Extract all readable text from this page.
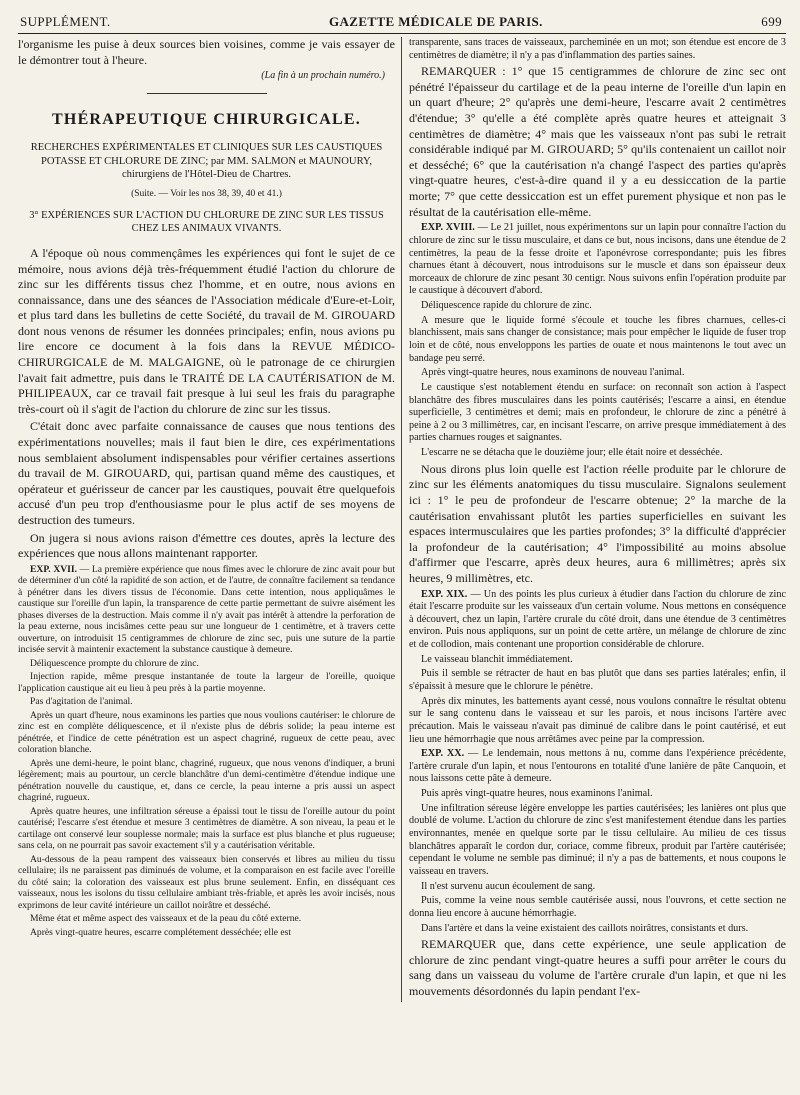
SUPPLÉMENT.	GAZETTE MÉDICALE DE PARIS.	699

l'organisme les puise à deux sources bien voisines, comme je vais essayer de le démontrer tout à l'heure.

(La fin à un prochain numéro.)
THÉRAPEUTIQUE CHIRURGICALE.
RECHERCHES EXPÉRIMENTALES ET CLINIQUES SUR LES CAUSTIQUES POTASSE ET CHLORURE DE ZINC; par MM. SALMON et MAUNOURY, chirurgiens de l'Hôtel-Dieu de Chartres.
(Suite. — Voir les nos 38, 39, 40 et 41.)
3° EXPÉRIENCES SUR L'ACTION DU CHLORURE DE ZINC SUR LES TISSUS CHEZ LES ANIMAUX VIVANTS.

A l'époque où nous commençâmes les expériences qui font le sujet de ce mémoire, nous avions déjà très-fréquemment étudié l'action du chlorure de zinc sur les différents tissus chez l'homme, et en outre, nous avions en connaissance, dans une des séances de l'Association médicale d'Eure-et-Loir, et plus tard dans les bulletins de cette Société, du travail de M. GIROUARD dont nous venons de résumer les données principales; enfin, nous avions pu lire encore ce document à la fois dans la REVUE MÉDICO-CHIRURGICALE de M. MALGAIGNE, où le patronage de ce chirurgien l'avait fait admettre, puis dans le TRAITÉ DE LA CAUTÉRISATION de M. PHILIPEAUX, car ce travail fait presque à lui seul les frais du paragraphe très-court où il s'agit de l'action du chlorure de zinc sur les tissus.

C'était donc avec parfaite connaissance de causes que nous tentions des expérimentations nouvelles; mais il faut bien le dire, ces expérimentations nous semblaient absolument indispensables pour vérifier certaines assertions du travail de M. GIROUARD, qui, partisan quand même des caustiques, et opérateur et guérisseur de cancer par les caustiques, pouvait être quelquefois accusé d'un peu trop d'enthousiasme pour le plus actif de ses moyens de destruction des tumeurs.

On jugera si nous avions raison d'émettre ces doutes, après la lecture des expériences que nous allons maintenant rapporter.

EXP. XVII. — La première expérience que nous fîmes avec le chlorure de zinc avait pour but de déterminer d'un côté la rapidité de son action, et de l'autre, de connaître facilement sa tendance à pénétrer dans les divers tissus de l'économie. Dans cette intention, nous appliquâmes le caustique sur l'oreille d'un lapin, la transparence de cette partie permettant de suivre aisément les phases diverses de la destruction. Mais comme il n'y avait pas intérêt à attendre la perforation de la peau externe, nous incisâmes cette peau sur une longueur de 1 centimètre, et à travers cette ouverture, on introduisit 15 centigrammes de chlorure de zinc sec, puis une suture de la partie incisée servit à maintenir exactement la substance caustique à demeure.

Déliquescence prompte du chlorure de zinc.

Injection rapide, même presque instantanée de toute la largeur de l'oreille, quoique l'application caustique ait eu lieu à peu près à la partie moyenne.

Pas d'agitation de l'animal.

Après un quart d'heure, nous examinons les parties que nous voulions cautériser: le chlorure de zinc est en complète déliquescence, et il n'existe plus de débris solide; la peau interne est pénétrée, et l'indice de cette pénétration est un aspect chagriné, rugueux de cette peau, avec coloration blanche.

Après une demi-heure, le point blanc, chagriné, rugueux, que nous venons d'indiquer, a bruni légèrement; mais au pourtour, un cercle blanchâtre d'un demi-centimètre d'étendue indique une pénétration nouvelle du caustique, et, dans ce cercle, la peau interne a pris aussi un aspect chagriné, rugueux.

Après quatre heures, une infiltration séreuse a épaissi tout le tissu de l'oreille autour du point cautérisé; l'escarre s'est étendue et mesure 3 centimètres de diamètre. A son niveau, la peau et le cartilage ont conservé leur souplesse normale; mais la surface est plus blanche et plus rugueuse; sans cela, on ne pourrait pas savoir exactement s'il y a cautérisation véritable.

Au-dessous de la peau rampent des vaisseaux bien conservés et libres au milieu du tissu cellulaire; ils ne paraissent pas diminués de volume, et la comparaison en est facile avec l'oreille du côté sain; la coloration des vaisseaux est plus brune seulement. Enfin, en disséquant ces vaisseaux, nous les isolons du tissu cellulaire ambiant très-friable, et après les avoir incisés, nous exprimons de leur cavité intérieure un caillot noirâtre et desséché.

Même état et même aspect des vaisseaux et de la peau du côté externe.

Après vingt-quatre heures, escarre complétement desséchée; elle est

transparente, sans traces de vaisseaux, parcheminée en un mot; son étendue est encore de 3 centimètres de diamètre; il n'y a pas d'inflammation des parties saines.

REMARQUER : 1° que 15 centigrammes de chlorure de zinc sec ont pénétré l'épaisseur du cartilage et de la peau interne de l'oreille d'un lapin en un quart d'heure; 2° qu'après une demi-heure, l'escarre avait 2 centimètres d'étendue; 3° qu'elle a été complète après quatre heures et atteignait 3 centimètres de diamètre; 4° mais que les vaisseaux n'ont pas subi le retrait considérable indiqué par M. GIROUARD; 5° qu'ils contenaient un caillot noir et desséché; 6° que la cautérisation n'a changé l'aspect des parties qu'après vingt-quatre heures, c'est-à-dire quand il y a eu dessiccation de la partie morte; 7° que cette dessiccation est un effet purement physique et non pas le résultat de la cautérisation elle-même.

EXP. XVIII. — Le 21 juillet, nous expérimentons sur un lapin pour connaître l'action du chlorure de zinc sur le tissu musculaire, et dans ce but, nous incisons, dans une étendue de 2 centimètres, la peau de la fesse droite et l'aponévrose correspondante; puis les fibres charnues étant à découvert, nous introduisons sur le muscle et dans son épaisseur deux morceaux de chlorure de zinc pesant 30 centigr. Nous suivons enfin l'opération produite par le caustique à découvert d'abord.

Déliquescence rapide du chlorure de zinc.

A mesure que le liquide formé s'écoule et touche les fibres charnues, celles-ci blanchissent, mais sans changer de consistance; mais pour empêcher le liquide de fuser trop loin et de côté, nous enveloppons les parties de ouate et nous maintenons le tout avec un bandage peu serré.

Après vingt-quatre heures, nous examinons de nouveau l'animal.

Le caustique s'est notablement étendu en surface: on reconnaît son action à l'aspect blanchâtre des fibres musculaires dans les points cautérisés; l'escarre a ainsi, en étendue superficielle, 3 centimètres et demi; mais en profondeur, le chlorure de zinc a pénétré à peine à 2 ou 3 millimètres, car, en incisant l'escarre, on arrive presque immédiatement à des parties charnues rouges et saignantes.

L'escarre ne se détacha que le douzième jour; elle était noire et desséchée.

Nous dirons plus loin quelle est l'action réelle produite par le chlorure de zinc sur les éléments anatomiques du tissu musculaire. Signalons seulement ici : 1° le peu de profondeur de l'escarre obtenue; 2° la marche de la cautérisation envahissant plutôt les parties superficielles en suivant les espaces intermusculaires que les parties profondes; 3° la difficulté d'apprécier la profondeur de la cautérisation; 4° l'impossibilité au moins absolue d'affirmer que l'escarre, après deux heures, aura 6 millimètres; après six heures, 9 millimètres, etc.

EXP. XIX. — Un des points les plus curieux à étudier dans l'action du chlorure de zinc était l'escarre produite sur les vaisseaux d'un certain volume. Nous mettons en conséquence à découvert, chez un lapin, l'artère crurale du côté droit, dans une étendue de 3 centimètres environ. Puis nous appliquons, sur un point de cette artère, un mélange de chlorure de zinc et de collodion, mais contenant une proportion considérable de chlorure.

Le vaisseau blanchit immédiatement.

Puis il semble se rétracter de haut en bas plutôt que dans ses parties latérales; enfin, il s'épaissit à mesure que le chlorure le pénètre.

Après dix minutes, les battements ayant cessé, nous voulons connaître le résultat obtenu sur le sang contenu dans le vaisseau et sur les parois, et nous incisons l'artère avec précaution. Mais le vaisseau n'avait pas diminué de calibre dans le point cautérisé, et eut lieu une hémorrhagie que nous arrêtâmes avec peine par la compression.

EXP. XX. — Le lendemain, nous mettons à nu, comme dans l'expérience précédente, l'artère crurale d'un lapin, et nous l'entourons en totalité d'une lanière de pâte Canquoin, et nous laissons cette pâte à demeure.

Puis après vingt-quatre heures, nous examinons l'animal.

Une infiltration séreuse légère enveloppe les parties cautérisées; les lanières ont plus que doublé de volume. L'action du chlorure de zinc s'est manifestement étendue dans les parties environnantes, menée en quelque sorte par le tissu cellulaire. Au milieu de ces tissus blanchâtres apparaît le cordon dur, coriace, comme fibreux, produit par l'artère cautérisée; cependant le volume ne semble pas diminué; il n'y a pas de battements, et nous coupons le vaisseau en travers.

Il n'est survenu aucun écoulement de sang.

Puis, comme la veine nous semble cautérisée aussi, nous l'ouvrons, et cette section ne donna lieu encore à aucune hémorrhagie.

Dans l'artère et dans la veine existaient des caillots noirâtres, consistants et durs.

REMARQUER que, dans cette expérience, une seule application de chlorure de zinc pendant vingt-quatre heures a suffi pour arrêter le cours du sang dans un vaisseau du volume de l'artère crurale d'un lapin, et que ni les mouvements désordonnés du lapin pendant l'ex-
